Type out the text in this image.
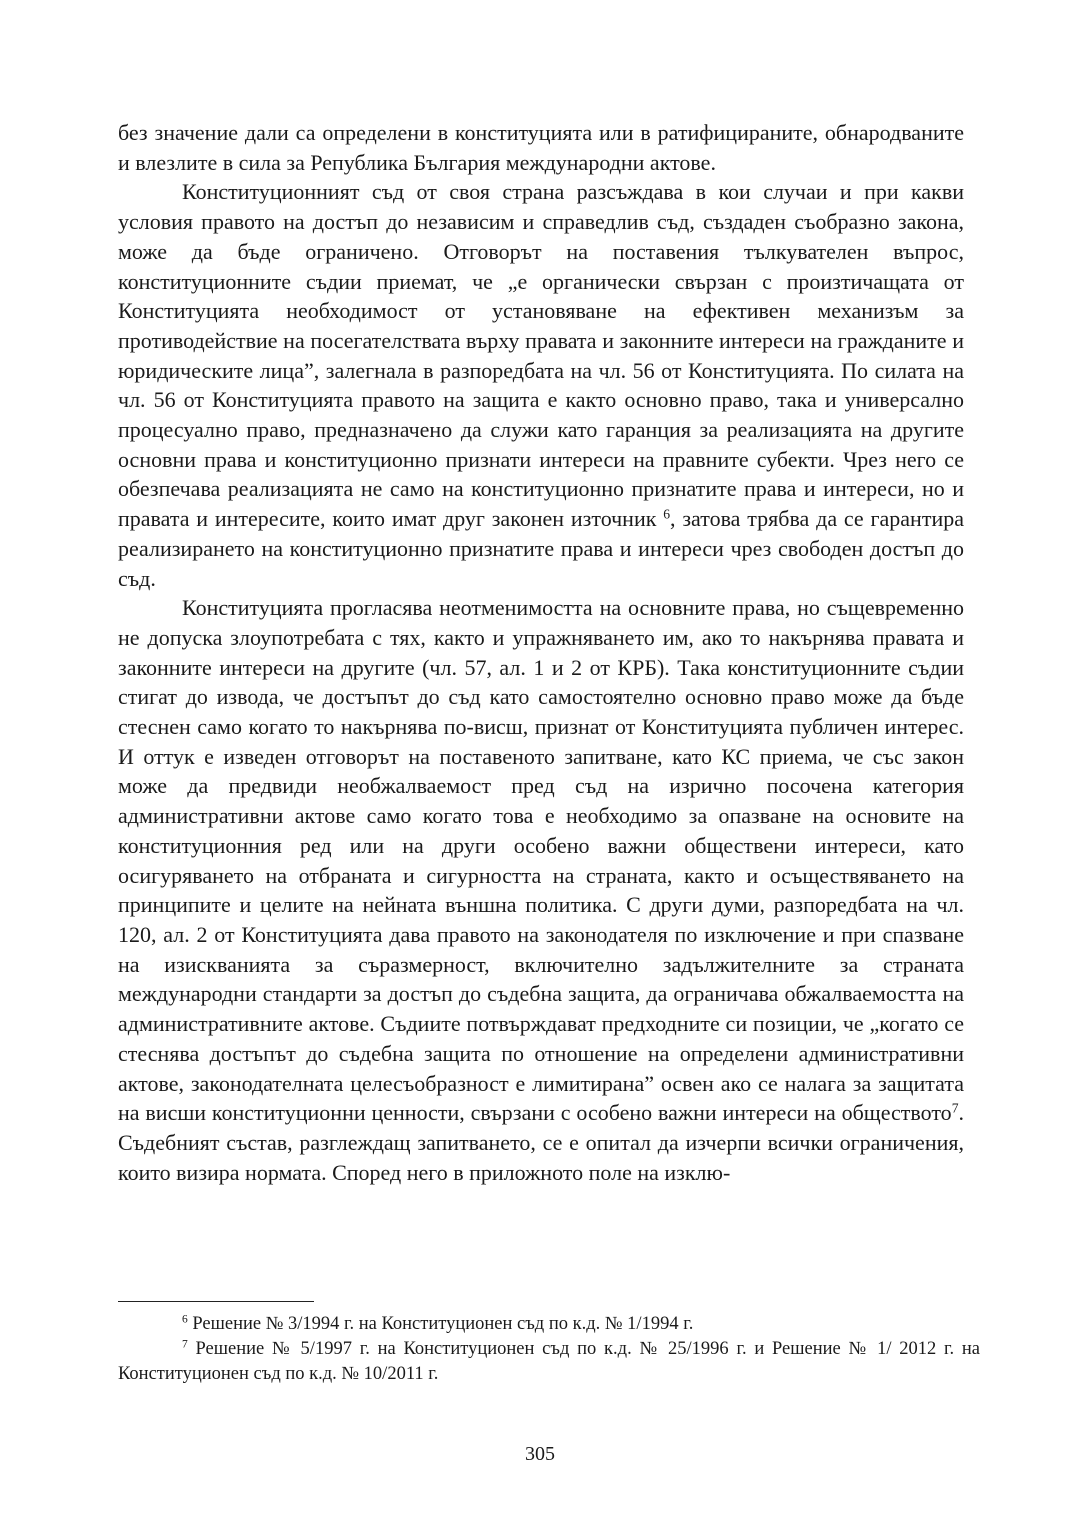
без значение дали са определени в конституцията или в ратифицираните, обнародваните и влезлите в сила за Република България международни актове.

Конституционният съд от своя страна разсъждава в кои случаи и при какви условия правото на достъп до независим и справедлив съд, създаден съобразно закона, може да бъде ограничено. Отговорът на поставения тълкувателен въпрос, конституционните съдии приемат, че „е органически свързан с произтичащата от Конституцията необходимост от установяване на ефективен механизъм за противодействие на посегателствата върху правата и законните интереси на гражданите и юридическите лица”, залегнала в разпоредбата на чл. 56 от Конституцията. По силата на чл. 56 от Конституцията правото на защита е както основно право, така и универсално процесуално право, предназначено да служи като гаранция за реализацията на другите основни права и конституционно признати интереси на правните субекти. Чрез него се обезпечава реализацията не само на конституционно признатите права и интереси, но и правата и интересите, които имат друг законен източник $^6$, затова трябва да се гарантира реализирането на конституционно признатите права и интереси чрез свободен достъп до съд.

Конституцията прогласява неотменимостта на основните права, но същевременно не допуска злоупотребата с тях, както и упражняването им, ако то накърнява правата и законните интереси на другите (чл. 57, ал. 1 и 2 от КРБ). Така конституционните съдии стигат до извода, че достъпът до съд като самостоятелно основно право може да бъде стеснен само когато то накърнява по-висш, признат от Конституцията публичен интерес. И оттук е изведен отговорът на поставеното запитване, като КС приема, че със закон може да предвиди необжалваемост пред съд на изрично посочена категория административни актове само когато това е необходимо за опазване на основите на конституционния ред или на други особено важни обществени интереси, като осигуряването на отбраната и сигурността на страната, както и осъществяването на принципите и целите на нейната външна политика. С други думи, разпоредбата на чл. 120, ал. 2 от Конституцията дава правото на законодателя по изключение и при спазване на изискванията за съразмерност, включително задължителните за страната международни стандарти за достъп до съдебна защита, да ограничава обжалваемостта на административните актове. Съдиите потвърждават предходните си позиции, че „когато се стеснява достъпът до съдебна защита по отношение на определени административни актове, законодателната целесъобразност е лимитирана” освен ако се налага за защитата на висши конституционни ценности, свързани с особено важни интереси на обществото$^7$. Съдебният състав, разглеждащ запитването, се е опитал да изчерпи всички ограничения, които визира нормата. Според него в приложното поле на изклю-

$^6$ Решение № 3/1994 г. на Конституционен съд по к.д. № 1/1994 г.

$^7$ Решение № 5/1997 г. на Конституционен съд по к.д. № 25/1996 г. и Решение № 1/ 2012 г. на Конституционен съд по к.д. № 10/2011 г.

305
